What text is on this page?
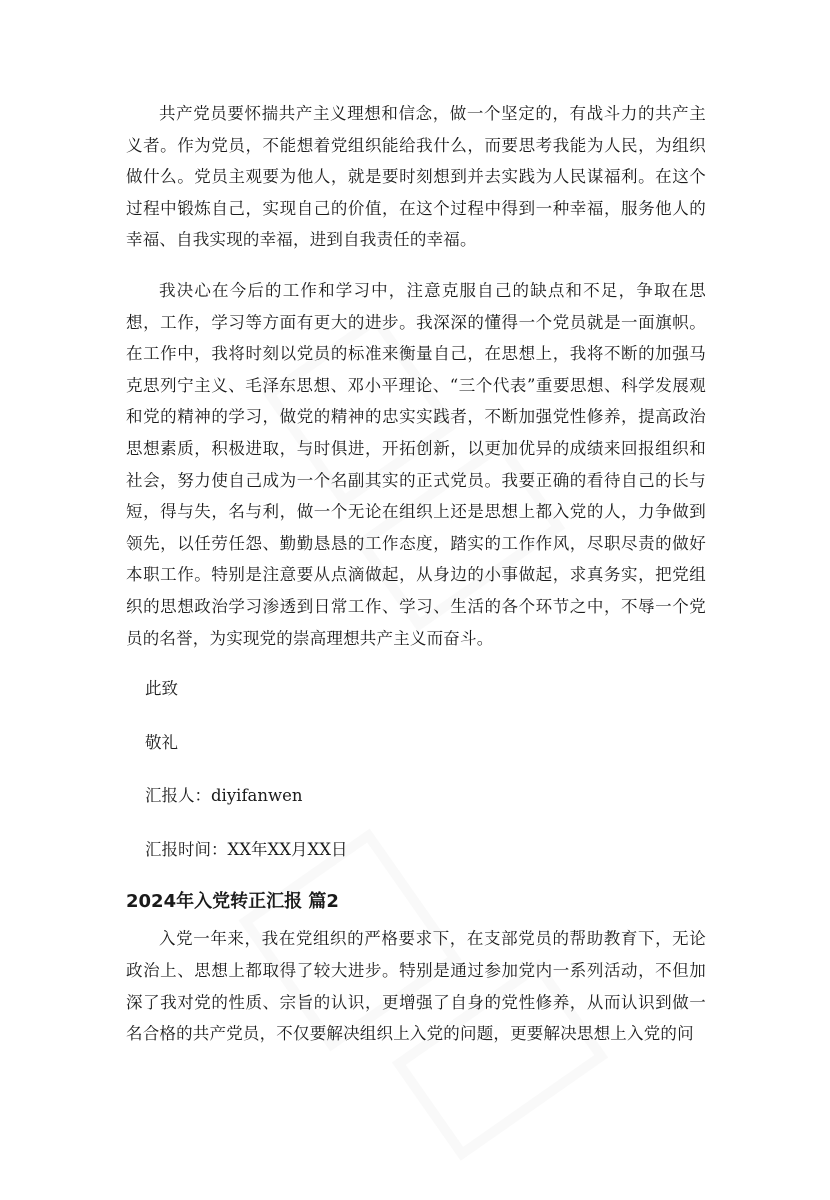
共产党员要怀揣共产主义理想和信念，做一个坚定的，有战斗力的共产主义者。作为党员，不能想着党组织能给我什么，而要思考我能为人民，为组织做什么。党员主观要为他人，就是要时刻想到并去实践为人民谋福利。在这个过程中锻炼自己，实现自己的价值，在这个过程中得到一种幸福，服务他人的幸福、自我实现的幸福，进到自我责任的幸福。

我决心在今后的工作和学习中，注意克服自己的缺点和不足，争取在思想，工作，学习等方面有更大的进步。我深深的懂得一个党员就是一面旗帜。在工作中，我将时刻以党员的标准来衡量自己，在思想上，我将不断的加强马克思列宁主义、毛泽东思想、邓小平理论、“三个代表”重要思想、科学发展观和党的精神的学习，做党的精神的忠实实践者，不断加强党性修养，提高政治思想素质，积极进取，与时俱进，开拓创新，以更加优异的成绩来回报组织和社会，努力使自己成为一个名副其实的正式党员。我要正确的看待自己的长与短，得与失，名与利，做一个无论在组织上还是思想上都入党的人，力争做到领先，以任劳任怨、勤勤恳恳的工作态度，踏实的工作作风，尽职尽责的做好本职工作。特别是注意要从点滴做起，从身边的小事做起，求真务实，把党组织的思想政治学习渗透到日常工作、学习、生活的各个环节之中，不辱一个党员的名誉，为实现党的崇高理想共产主义而奋斗。

此致
敬礼
汇报人：diyifanwen
汇报时间：XX年XX月XX日
2024年入党转正汇报 篇2

入党一年来，我在党组织的严格要求下，在支部党员的帮助教育下，无论政治上、思想上都取得了较大进步。特别是通过参加党内一系列活动，不但加深了我对党的性质、宗旨的认识，更增强了自身的党性修养，从而认识到做一名合格的共产党员，不仅要解决组织上入党的问题，更要解决思想上入党的问
